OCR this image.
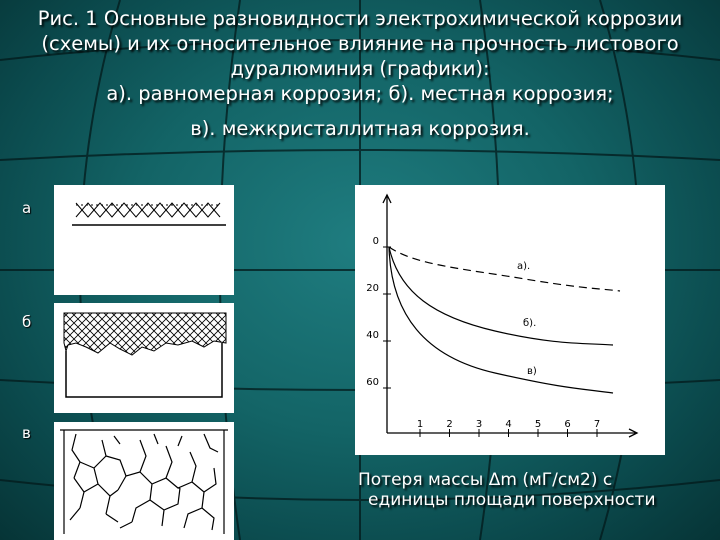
Рис. 1 Основные разновидности электрохимической коррозии
(схемы) и их относительное влияние на прочность листового
дуралюминия (графики):
а). равномерная коррозия; б). местная коррозия;
в). межкристаллитная коррозия.
а
б
в
0
20
40
60
1 2 3 4 5 6 7
а).
б).
в)
Потеря массы Δm (мГ/см2) с
единицы площади поверхности
